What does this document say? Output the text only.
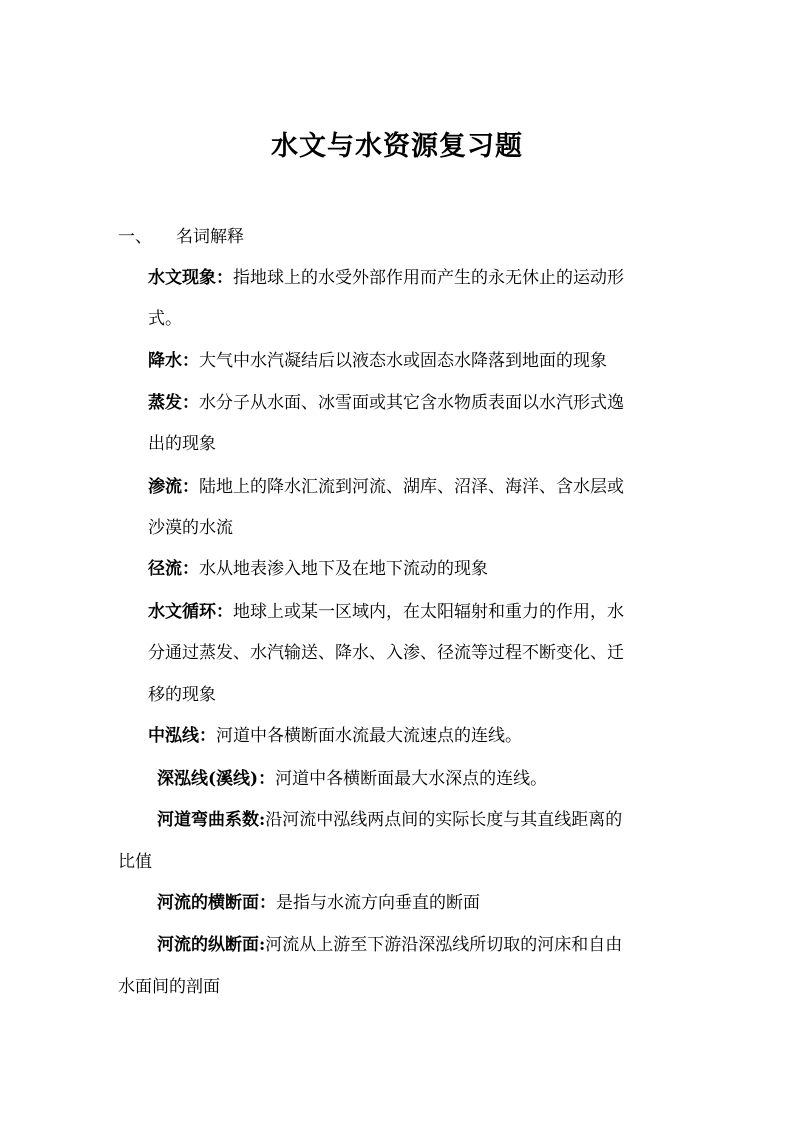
水文与水资源复习题
一、 名词解释
水文现象：指地球上的水受外部作用而产生的永无休止的运动形
式。
降水：大气中水汽凝结后以液态水或固态水降落到地面的现象
蒸发：水分子从水面、冰雪面或其它含水物质表面以水汽形式逸
出的现象
渗流：陆地上的降水汇流到河流、湖库、沼泽、海洋、含水层或
沙漠的水流
径流：水从地表渗入地下及在地下流动的现象
水文循环：地球上或某一区域内，在太阳辐射和重力的作用，水
分通过蒸发、水汽输送、降水、入渗、径流等过程不断变化、迁
移的现象
中泓线：河道中各横断面水流最大流速点的连线。
深泓线(溪线)：河道中各横断面最大水深点的连线。
河道弯曲系数:沿河流中泓线两点间的实际长度与其直线距离的
比值
河流的横断面：是指与水流方向垂直的断面
河流的纵断面:河流从上游至下游沿深泓线所切取的河床和自由
水面间的剖面
